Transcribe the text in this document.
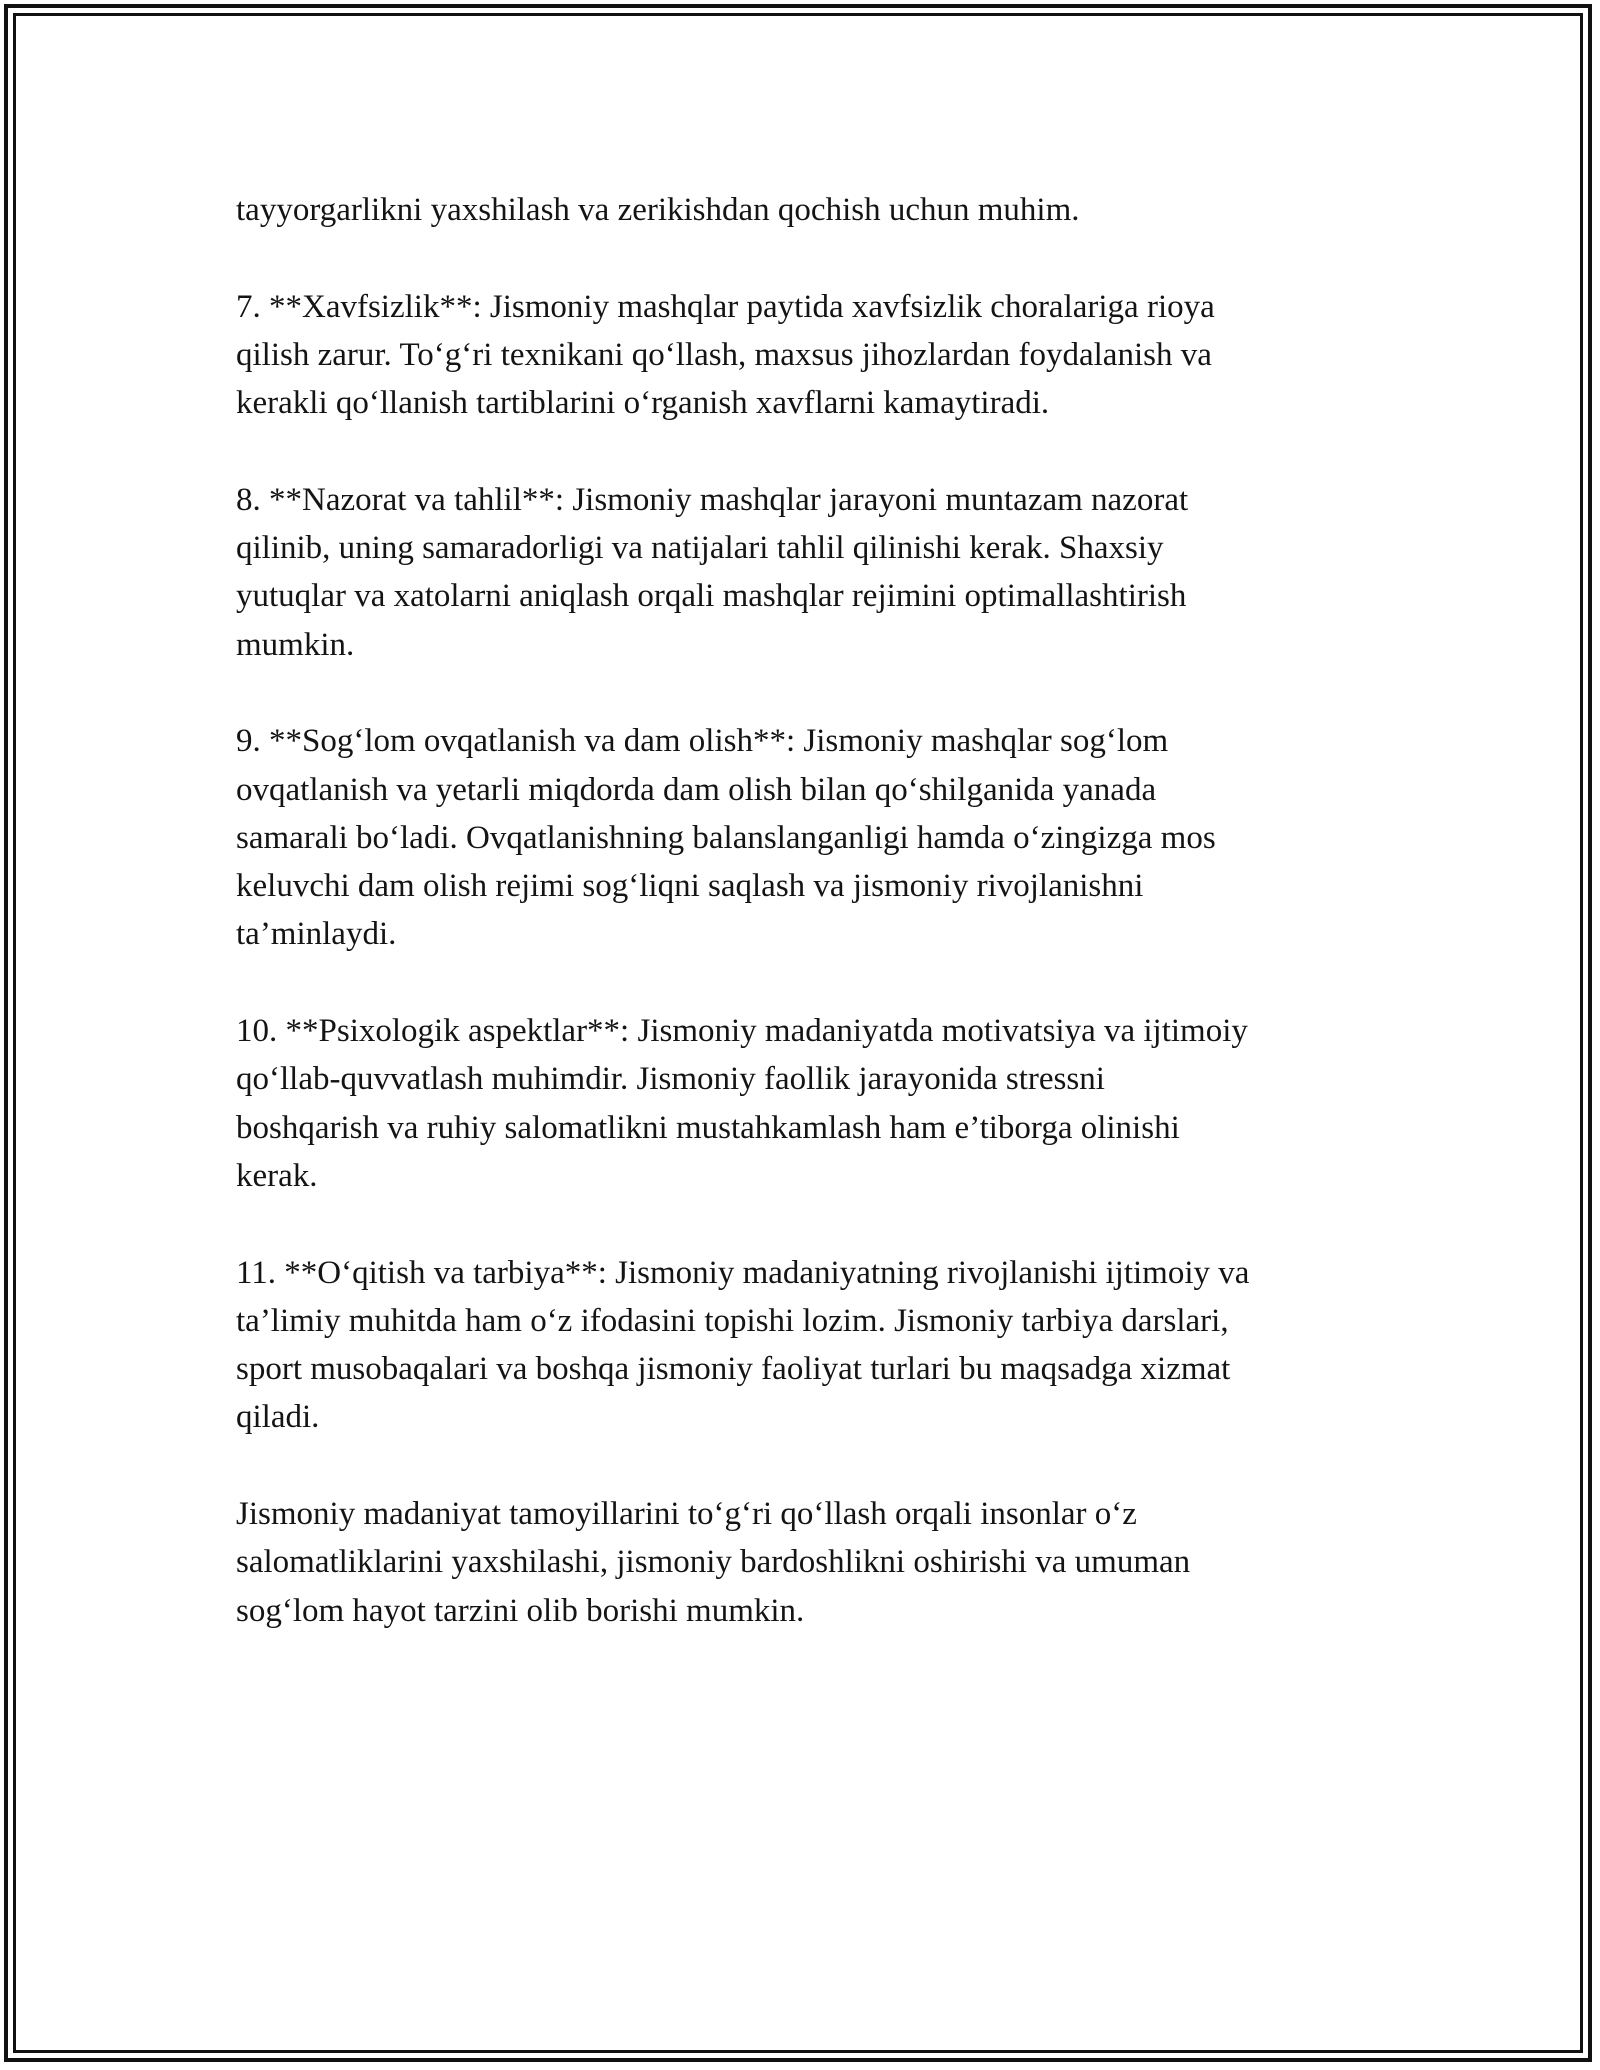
tayyorgarlikni yaxshilash va zerikishdan qochish uchun muhim.

7. **Xavfsizlik**: Jismoniy mashqlar paytida xavfsizlik choralariga rioya
qilish zarur. To‘g‘ri texnikani qo‘llash, maxsus jihozlardan foydalanish va
kerakli qo‘llanish tartiblarini o‘rganish xavflarni kamaytiradi.

8. **Nazorat va tahlil**: Jismoniy mashqlar jarayoni muntazam nazorat
qilinib, uning samaradorligi va natijalari tahlil qilinishi kerak. Shaxsiy
yutuqlar va xatolarni aniqlash orqali mashqlar rejimini optimallashtirish
mumkin.

9. **Sog‘lom ovqatlanish va dam olish**: Jismoniy mashqlar sog‘lom
ovqatlanish va yetarli miqdorda dam olish bilan qo‘shilganida yanada
samarali bo‘ladi. Ovqatlanishning balanslanganligi hamda o‘zingizga mos
keluvchi dam olish rejimi sog‘liqni saqlash va jismoniy rivojlanishni
ta’minlaydi.

10. **Psixologik aspektlar**: Jismoniy madaniyatda motivatsiya va ijtimoiy
qo‘llab-quvvatlash muhimdir. Jismoniy faollik jarayonida stressni
boshqarish va ruhiy salomatlikni mustahkamlash ham e’tiborga olinishi
kerak.

11. **O‘qitish va tarbiya**: Jismoniy madaniyatning rivojlanishi ijtimoiy va
ta’limiy muhitda ham o‘z ifodasini topishi lozim. Jismoniy tarbiya darslari,
sport musobaqalari va boshqa jismoniy faoliyat turlari bu maqsadga xizmat
qiladi.

Jismoniy madaniyat tamoyillarini to‘g‘ri qo‘llash orqali insonlar o‘z
salomatliklarini yaxshilashi, jismoniy bardoshlikni oshirishi va umuman
sog‘lom hayot tarzini olib borishi mumkin.
